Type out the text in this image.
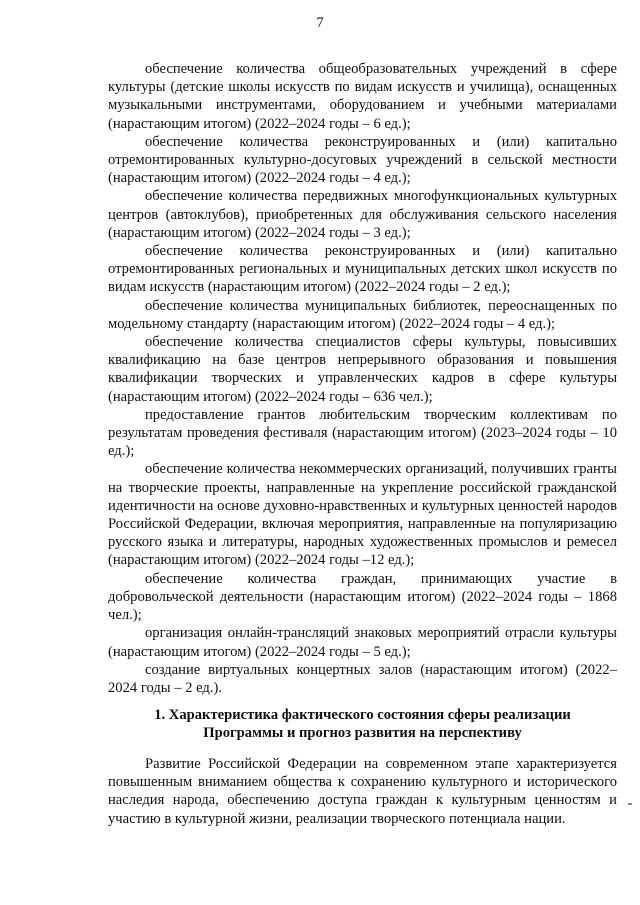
7

обеспечение количества общеобразовательных учреждений в сфере культуры (детские школы искусств по видам искусств и училища), оснащенных музыкальными инструментами, оборудованием и учебными материалами (нарастающим итогом) (2022–2024 годы – 6 ед.);

обеспечение количества реконструированных и (или) капитально отремонтированных культурно-досуговых учреждений в сельской местности (нарастающим итогом) (2022–2024 годы – 4 ед.);

обеспечение количества передвижных многофункциональных культурных центров (автоклубов), приобретенных для обслуживания сельского населения (нарастающим итогом) (2022–2024 годы – 3 ед.);

обеспечение количества реконструированных и (или) капитально отремонтированных региональных и муниципальных детских школ искусств по видам искусств (нарастающим итогом) (2022–2024 годы – 2 ед.);

обеспечение количества муниципальных библиотек, переоснащенных по модельному стандарту (нарастающим итогом) (2022–2024 годы – 4 ед.);

обеспечение количества специалистов сферы культуры, повысивших квалификацию на базе центров непрерывного образования и повышения квалификации творческих и управленческих кадров в сфере культуры (нарастающим итогом) (2022–2024 годы – 636 чел.);

предоставление грантов любительским творческим коллективам по результатам проведения фестиваля (нарастающим итогом) (2023–2024 годы – 10 ед.);

обеспечение количества некоммерческих организаций, получивших гранты на творческие проекты, направленные на укрепление российской гражданской идентичности на основе духовно-нравственных и культурных ценностей народов Российской Федерации, включая мероприятия, направленные на популяризацию русского языка и литературы, народных художественных промыслов и ремесел (нарастающим итогом) (2022–2024 годы –12 ед.);

обеспечение количества граждан, принимающих участие в добровольческой деятельности (нарастающим итогом) (2022–2024 годы – 1868 чел.);

организация онлайн-трансляций знаковых мероприятий отрасли культуры (нарастающим итогом) (2022–2024 годы – 5 ед.);

создание виртуальных концертных залов (нарастающим итогом) (2022–2024 годы – 2 ед.).

1. Характеристика фактического состояния сферы реализации
Программы и прогноз развития на перспективу

Развитие Российской Федерации на современном этапе характеризуется повышенным вниманием общества к сохранению культурного и исторического наследия народа, обеспечению доступа граждан к культурным ценностям и участию в культурной жизни, реализации творческого потенциала нации.
